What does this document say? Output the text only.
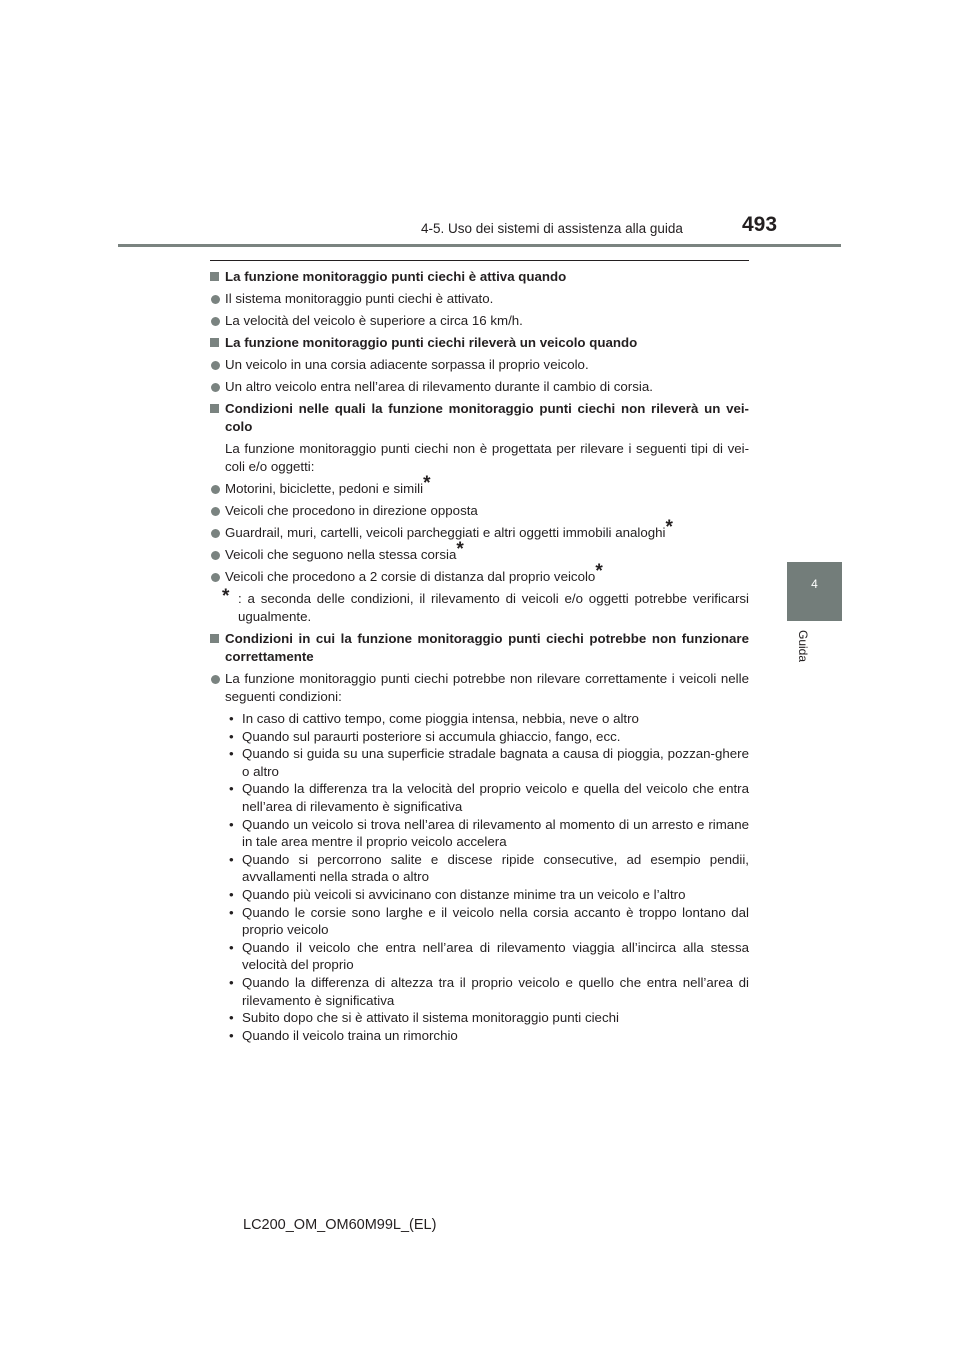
4-5. Uso dei sistemi di assistenza alla guida	493
4
Guida
La funzione monitoraggio punti ciechi è attiva quando
Il sistema monitoraggio punti ciechi è attivato.
La velocità del veicolo è superiore a circa 16 km/h.
La funzione monitoraggio punti ciechi rileverà un veicolo quando
Un veicolo in una corsia adiacente sorpassa il proprio veicolo.
Un altro veicolo entra nell’area di rilevamento durante il cambio di corsia.
Condizioni nelle quali la funzione monitoraggio punti ciechi non rileverà un vei-colo
La funzione monitoraggio punti ciechi non è progettata per rilevare i seguenti tipi di vei-coli e/o oggetti:
Motorini, biciclette, pedoni e simili*
Veicoli che procedono in direzione opposta
Guardrail, muri, cartelli, veicoli parcheggiati e altri oggetti immobili analoghi*
Veicoli che seguono nella stessa corsia*
Veicoli che procedono a 2 corsie di distanza dal proprio veicolo*
* : a seconda delle condizioni, il rilevamento di veicoli e/o oggetti potrebbe verificarsi ugualmente.
Condizioni in cui la funzione monitoraggio punti ciechi potrebbe non funzionare correttamente
La funzione monitoraggio punti ciechi potrebbe non rilevare correttamente i veicoli nelle seguenti condizioni:
• In caso di cattivo tempo, come pioggia intensa, nebbia, neve o altro
• Quando sul paraurti posteriore si accumula ghiaccio, fango, ecc.
• Quando si guida su una superficie stradale bagnata a causa di pioggia, pozzan-ghere o altro
• Quando la differenza tra la velocità del proprio veicolo e quella del veicolo che entra nell’area di rilevamento è significativa
• Quando un veicolo si trova nell’area di rilevamento al momento di un arresto e rimane in tale area mentre il proprio veicolo accelera
• Quando si percorrono salite e discese ripide consecutive, ad esempio pendii, avvallamenti nella strada o altro
• Quando più veicoli si avvicinano con distanze minime tra un veicolo e l’altro
• Quando le corsie sono larghe e il veicolo nella corsia accanto è troppo lontano dal proprio veicolo
• Quando il veicolo che entra nell’area di rilevamento viaggia all’incirca alla stessa velocità del proprio
• Quando la differenza di altezza tra il proprio veicolo e quello che entra nell’area di rilevamento è significativa
• Subito dopo che si è attivato il sistema monitoraggio punti ciechi
• Quando il veicolo traina un rimorchio
LC200_OM_OM60M99L_(EL)
